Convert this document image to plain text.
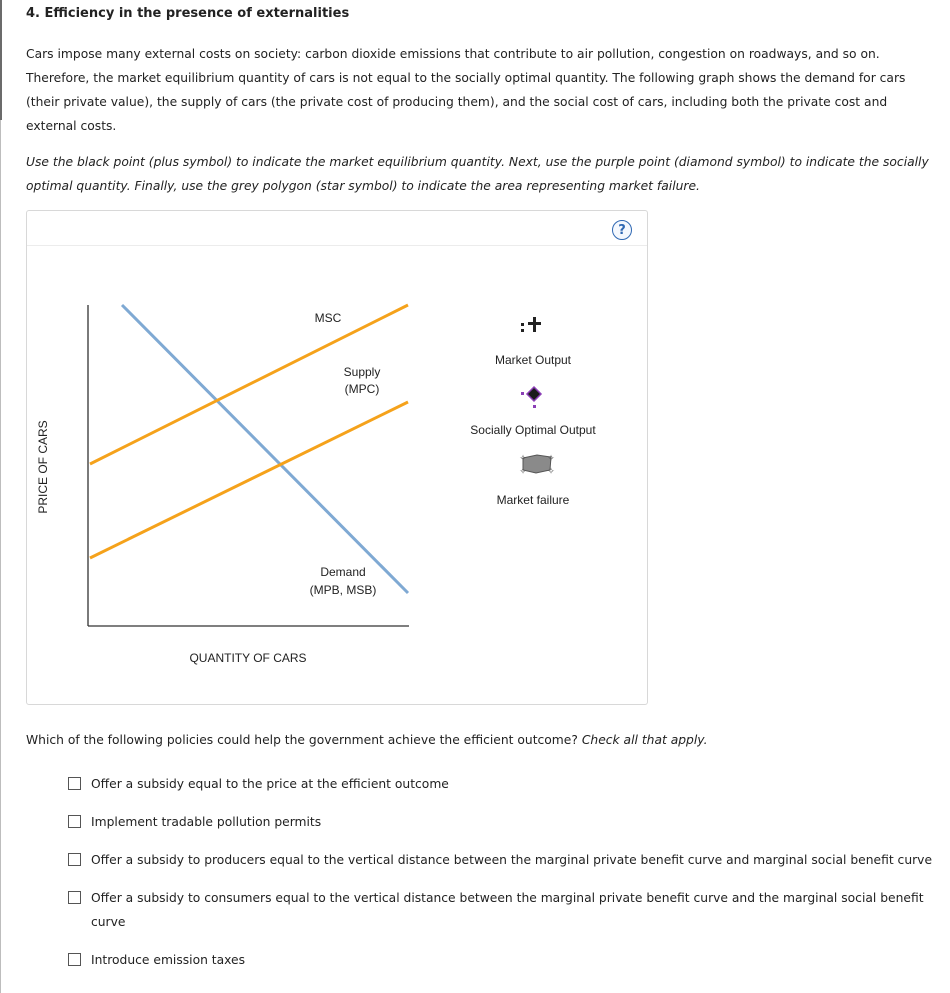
4. Efficiency in the presence of externalities
Cars impose many external costs on society: carbon dioxide emissions that contribute to air pollution, congestion on roadways, and so on. Therefore, the market equilibrium quantity of cars is not equal to the socially optimal quantity. The following graph shows the demand for cars (their private value), the supply of cars (the private cost of producing them), and the social cost of cars, including both the private cost and external costs.
Use the black point (plus symbol) to indicate the market equilibrium quantity. Next, use the purple point (diamond symbol) to indicate the socially optimal quantity. Finally, use the grey polygon (star symbol) to indicate the area representing market failure.
?
MSC
Supply
(MPC)
Demand
(MPB, MSB)
PRICE OF CARS
QUANTITY OF CARS
Market Output
Socially Optimal Output
✧ ✧
✧ ✧
Market failure
Which of the following policies could help the government achieve the efficient outcome? Check all that apply.
Offer a subsidy equal to the price at the efficient outcome
Implement tradable pollution permits
Offer a subsidy to producers equal to the vertical distance between the marginal private benefit curve and marginal social benefit curve
Offer a subsidy to consumers equal to the vertical distance between the marginal private benefit curve and the marginal social benefit curve
Introduce emission taxes
